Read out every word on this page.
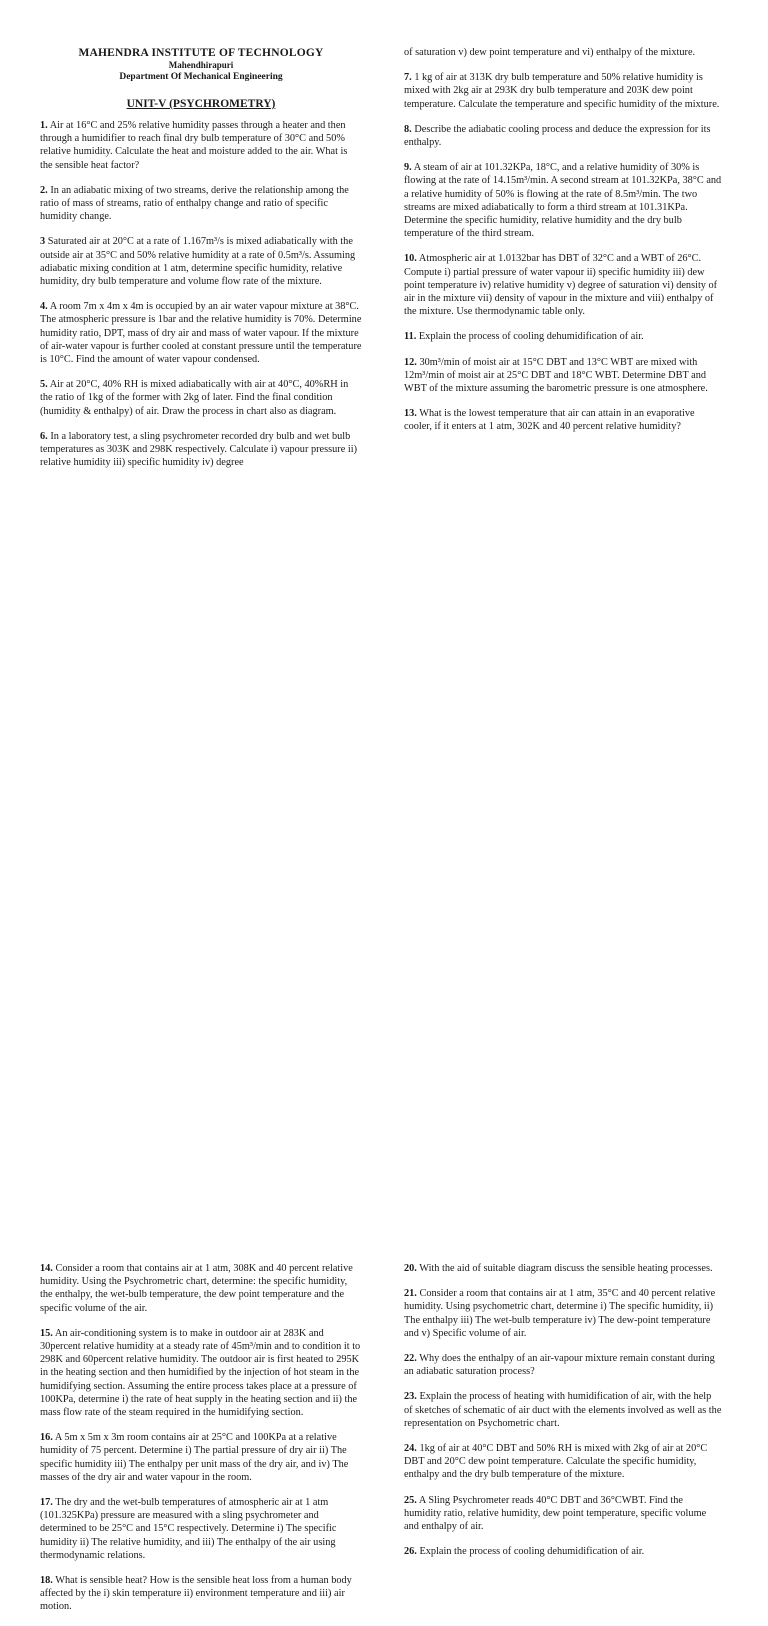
MAHENDRA INSTITUTE OF TECHNOLOGY
Mahendhirapuri
Department Of Mechanical Engineering
UNIT-V (PSYCHROMETRY)

1. Air at 16°C and 25% relative humidity passes through a heater and then through a humidifier to reach final dry bulb temperature of 30°C and 50% relative humidity. Calculate the heat and moisture added to the air. What is the sensible heat factor?

2. In an adiabatic mixing of two streams, derive the relationship among the ratio of mass of streams, ratio of enthalpy change and ratio of specific humidity change.

3 Saturated air at 20°C at a rate of 1.167m³/s is mixed adiabatically with the outside air at 35°C and 50% relative humidity at a rate of 0.5m³/s. Assuming adiabatic mixing condition at 1 atm, determine specific humidity, relative humidity, dry bulb temperature and volume flow rate of the mixture.

4. A room 7m x 4m x 4m is occupied by an air water vapour mixture at 38°C. The atmospheric pressure is 1bar and the relative humidity is 70%. Determine humidity ratio, DPT, mass of dry air and mass of water vapour. If the mixture of air-water vapour is further cooled at constant pressure until the temperature is 10°C. Find the amount of water vapour condensed.

5. Air at 20°C, 40% RH is mixed adiabatically with air at 40°C, 40%RH in the ratio of 1kg of the former with 2kg of later. Find the final condition (humidity & enthalpy) of air. Draw the process in chart also as diagram.

6. In a laboratory test, a sling psychrometer recorded dry bulb and wet bulb temperatures as 303K and 298K respectively. Calculate i) vapour pressure ii) relative humidity iii) specific humidity iv) degree

of saturation v) dew point temperature and vi) enthalpy of the mixture.

7. 1 kg of air at 313K dry bulb temperature and 50% relative humidity is mixed with 2kg air at 293K dry bulb temperature and 203K dew point temperature. Calculate the temperature and specific humidity of the mixture.

8. Describe the adiabatic cooling process and deduce the expression for its enthalpy.

9. A steam of air at 101.32KPa, 18°C, and a relative humidity of 30% is flowing at the rate of 14.15m³/min. A second stream at 101.32KPa, 38°C and a relative humidity of 50% is flowing at the rate of 8.5m³/min. The two streams are mixed adiabatically to form a third stream at 101.31KPa. Determine the specific humidity, relative humidity and the dry bulb temperature of the third stream.

10. Atmospheric air at 1.0132bar has DBT of 32°C and a WBT of 26°C. Compute i) partial pressure of water vapour ii) specific humidity iii) dew point temperature iv) relative humidity v) degree of saturation vi) density of air in the mixture vii) density of vapour in the mixture and viii) enthalpy of the mixture. Use thermodynamic table only.

11. Explain the process of cooling dehumidification of air.

12. 30m³/min of moist air at 15°C DBT and 13°C WBT are mixed with 12m³/min of moist air at 25°C DBT and 18°C WBT. Determine DBT and WBT of the mixture assuming the barometric pressure is one atmosphere.

13. What is the lowest temperature that air can attain in an evaporative cooler, if it enters at 1 atm, 302K and 40 percent relative humidity?

14. Consider a room that contains air at 1 atm, 308K and 40 percent relative humidity. Using the Psychrometric chart, determine: the specific humidity, the enthalpy, the wet-bulb temperature, the dew point temperature and the specific volume of the air.

15. An air-conditioning system is to make in outdoor air at 283K and 30percent relative humidity at a steady rate of 45m³/min and to condition it to 298K and 60percent relative humidity. The outdoor air is first heated to 295K in the heating section and then humidified by the injection of hot steam in the humidifying section. Assuming the entire process takes place at a pressure of 100KPa, determine i) the rate of heat supply in the heating section and ii) the mass flow rate of the steam required in the humidifying section.

16. A 5m x 5m x 3m room contains air at 25°C and 100KPa at a relative humidity of 75 percent. Determine i) The partial pressure of dry air ii) The specific humidity iii) The enthalpy per unit mass of the dry air, and iv) The masses of the dry air and water vapour in the room.

17. The dry and the wet-bulb temperatures of atmospheric air at 1 atm (101.325KPa) pressure are measured with a sling psychrometer and determined to be 25°C and 15°C respectively. Determine i) The specific humidity ii) The relative humidity, and iii) The enthalpy of the air using thermodynamic relations.

18. What is sensible heat? How is the sensible heat loss from a human body affected by the i) skin temperature ii) environment temperature and iii) air motion.

20. With the aid of suitable diagram discuss the sensible heating processes.

21. Consider a room that contains air at 1 atm, 35°C and 40 percent relative humidity. Using psychometric chart, determine i) The specific humidity, ii) The enthalpy iii) The wet-bulb temperature iv) The dew-point temperature and v) Specific volume of air.

22. Why does the enthalpy of an air-vapour mixture remain constant during an adiabatic saturation process?

23. Explain the process of heating with humidification of air, with the help of sketches of schematic of air duct with the elements involved as well as the representation on Psychometric chart.

24. 1kg of air at 40°C DBT and 50% RH is mixed with 2kg of air at 20°C DBT and 20°C dew point temperature. Calculate the specific humidity, enthalpy and the dry bulb temperature of the mixture.

25. A Sling Psychrometer reads 40°C DBT and 36°CWBT. Find the humidity ratio, relative humidity, dew point temperature, specific volume and enthalpy of air.

26. Explain the process of cooling dehumidification of air.
